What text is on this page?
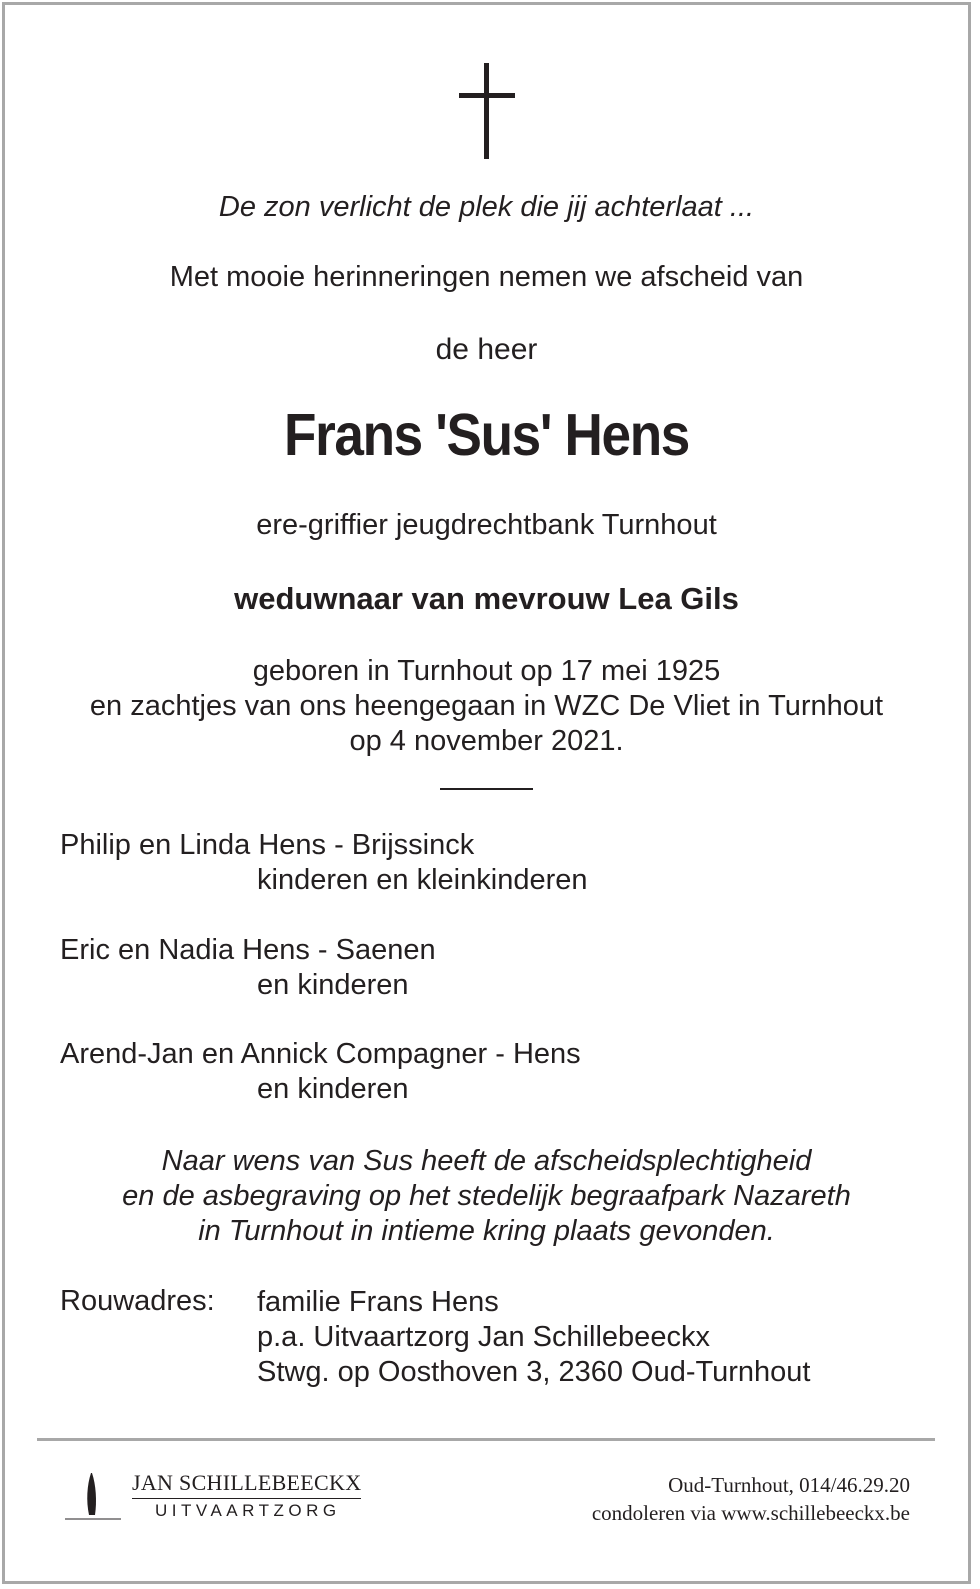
De zon verlicht de plek die jij achterlaat ...
Met mooie herinneringen nemen we afscheid van
de heer
Frans 'Sus' Hens
ere-griffier jeugdrechtbank Turnhout
weduwnaar van mevrouw Lea Gils
geboren in Turnhout op 17 mei 1925
en zachtjes van ons heengegaan in WZC De Vliet in Turnhout
op 4 november 2021.
Philip en Linda Hens - Brijssinck
kinderen en kleinkinderen
Eric en Nadia Hens - Saenen
en kinderen
Arend-Jan en Annick Compagner - Hens
en kinderen
Naar wens van Sus heeft de afscheidsplechtigheid
en de asbegraving op het stedelijk begraafpark Nazareth
in Turnhout in intieme kring plaats gevonden.
Rouwadres: familie Frans Hens
p.a. Uitvaartzorg Jan Schillebeeckx
Stwg. op Oosthoven 3, 2360 Oud-Turnhout
JAN SCHILLEBEECKX
UITVAARTZORG
Oud-Turnhout, 014/46.29.20
condoleren via www.schillebeeckx.be
